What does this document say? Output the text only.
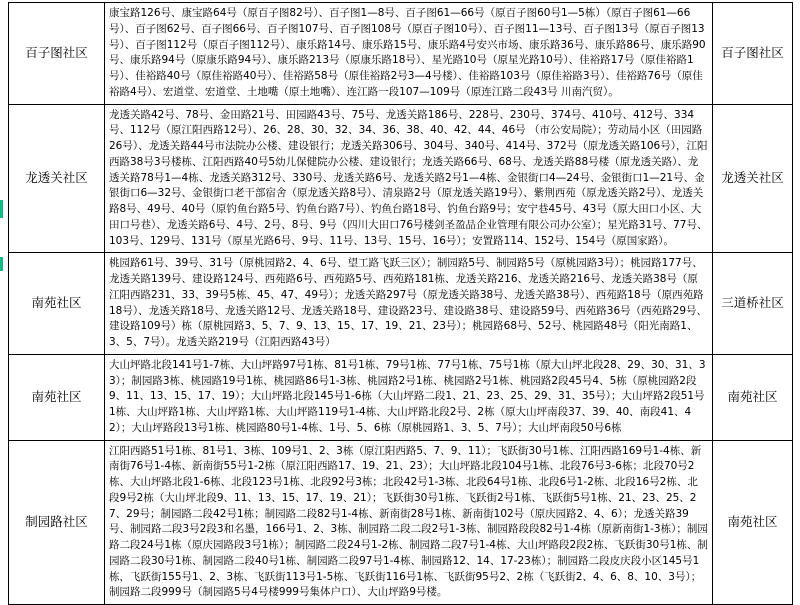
百子图社区	康宝路126号、康宝路64号（原百子图82号）、百子图1—8号、百子图61—66号（原百子图60号1—5栋）（原百子图61—66号）、百子图62号、百子图66号、百子图107号、百子图108号（原百子图10号）、百子图11—13号、百子图13号（原百子图13号）、百子图112号（原百子图112号）、康乐路14号、康乐路15号、康乐路4号安兴市场、康乐路36号、康乐路86号、康乐路90号、康乐路94号（原康乐路94号）、康乐路213号（原康乐路18号）、星光路10号（原星光路10号）、佳裕路17号（原佳裕路1号）、佳裕路40号（原佳裕路40号）、佳裕路58号（原佳裕路2号3—4号楼）、佳裕路103号（原佳裕路3号）、佳裕路76号（原佳裕路4号）、宏道堂、宏道堂、土地嘴（原土地嘴）、连江路一段107—109号（原连江路二段43号 川南汽贸）。	百子图社区
龙透关社区	龙透关路42号、78号、金田路21号、田园路43号、75号、龙透关路186号、228号、230号、374号、410号、412号、334号、112号（原江阳西路12号）、26、28、30、32、34、36、38、40、42、44、46号 （市公安局院）；劳动局小区（田园路26号）、龙透关路44号市法院办公楼、建设银行；龙透关路306号、304号、340号、414号、372号（原龙透关路106号），江阳西路38号3号楼栋、江阳西路40号5幼儿保健院办公楼、建设银行；龙透关路66号、68号、龙透关路88号楼（原龙透关路）、龙透关路78号1—4栋、龙透关路312号、330号、龙透关路6号、龙透关路2号1—4栋、金银街口4—24号、金银街口1—21号、金银街口6—32号、金银街口老干部宿舍（原龙透关路8号）、清泉路2号（原龙透关路19号）、紫荆西苑（原龙透关路2号）、龙透关路8号、49号、40号（原钓鱼台路5号、钓鱼台路7号）、钓鱼台路18号、钓鱼台路9号；安宁巷45号、43号（原大田口小区、大田口号巷）、龙透关路6号、4号、2号、8号、9号（四川大田口76号楼剑圣盈品企业管理有限公司办公室）；星光路31号、77号、103号、129号、131号（原星光路6号、9号、11号、13号、15号、16号）；安置路114、152号、154号（原国家路）。	龙透关社区
南苑社区	桃园路61号、39号、31号（原桃园路2、4、6号、望工路飞跃三区）；制园路5号、制园路5号（原桃园路3号）；桃园路177号、龙透关路139号、建设路124号、西苑路6号、西苑路5号、西苑路181栋、龙透关路216、龙透关路216号、龙透关路38号（原江阳西路231、33、39号5栋、45、47、49号）；龙透关路297号（原龙透关路38号、龙透关路38号）、西苑路18号（原西苑路18号）、龙透关路18号、龙透关路12号、龙透关路18号、建设路23号、建设路38号、建设路59号、西苑路36号（西苑路29号、建设路109号）栋（原桃园路3、5、7、9、13、15、17、19、21、23号）；桃园路68号、52号、桃园路48号（阳光南路1、3、5、7号）。龙透关路219号（江阳西路43号）	三道桥社区
南苑社区	大山坪路北段141号1-7栋、大山坪路97号1栋、81号1栋、79号1栋、77号1栋、75号1栋（原大山坪北段28、29、30、31、33）；制园路3栋、桃园路19号1栋、桃园路86号1-3栋、桃园路2号1栋、桃园路2号1栋、桃园路2段45号4、5栋（原桃园路2段9、11、13、15、17、19）；大山坪路北段145号1-6栋（大山坪路二段1、21、23、25、29、31、35号）；大山坪路2段51号1栋、大山坪路1栋、大山坪路1栋、大山坪路119号1-4栋、大山坪路北段2号、2栋（原大山坪南段37、39、40、南段41、42）；大山坪路段13号1栋、桃园路80号1-4栋、1号、5、6栋（原桃园路1、3、5、7号）；大山坪南段50号6栋	南苑社区
制园路社区	江阳西路51号1栋、81号1、3栋、109号1、2、3栋（原江阳西路5、7、9、11）；飞跃街30号1栋、江阳西路169号1-4栋、新南街76号1-4栋、新南街55号1-2栋（原江阳西路17、19、21、23）；大山坪路北段104号1栋、北段76号3-6栋；北段70号2栋、大山坪路北段1-6栋、北段123号1栋、北段92号3栋；北段42号1-3栋、北段64号1栋、北段6号1-2栋、北段16号2栋、北段9号2栋（大山坪北段9、11、13、15、17、19、21）；飞跃街30号1栋、飞跃街2号1栋、飞跃街5号1栋、21、23、25、27、29号；制园路二段42号1栋；制园路二段82号1-4栋、新南街28号1栋、新南街102号（原庆园路2、4、6）；龙透关路39号、制园路二段3号2段3和名墨，166号1、2、3栋、制园路二段二段2号1-3栋、制园路段段82号1-4栋（原新南街1-3栋）；制园路二段24号1栋（原庆园路段3号1栋）；制园路二段24号1-2栋、制园路二段7号1-4栋、大山坪路段2段2栋、飞跃街30号1栋、制园路二段30号1栋、制园路二段40号1栋、制园路二段97号1-4栋、制园路12、14、17-23栋）；制园路二段皮庆段小区145号1栋，飞跃街155号1、2、3栋、飞跃街113号1-5栋、飞跃街116号1栋、飞跃街95号2、2栋（飞跃街2、4、6、8、10、3号）；制园路二段999号（制园路5号4号楼999号集体户口）、大山坪路9号楼。	南苑社区
